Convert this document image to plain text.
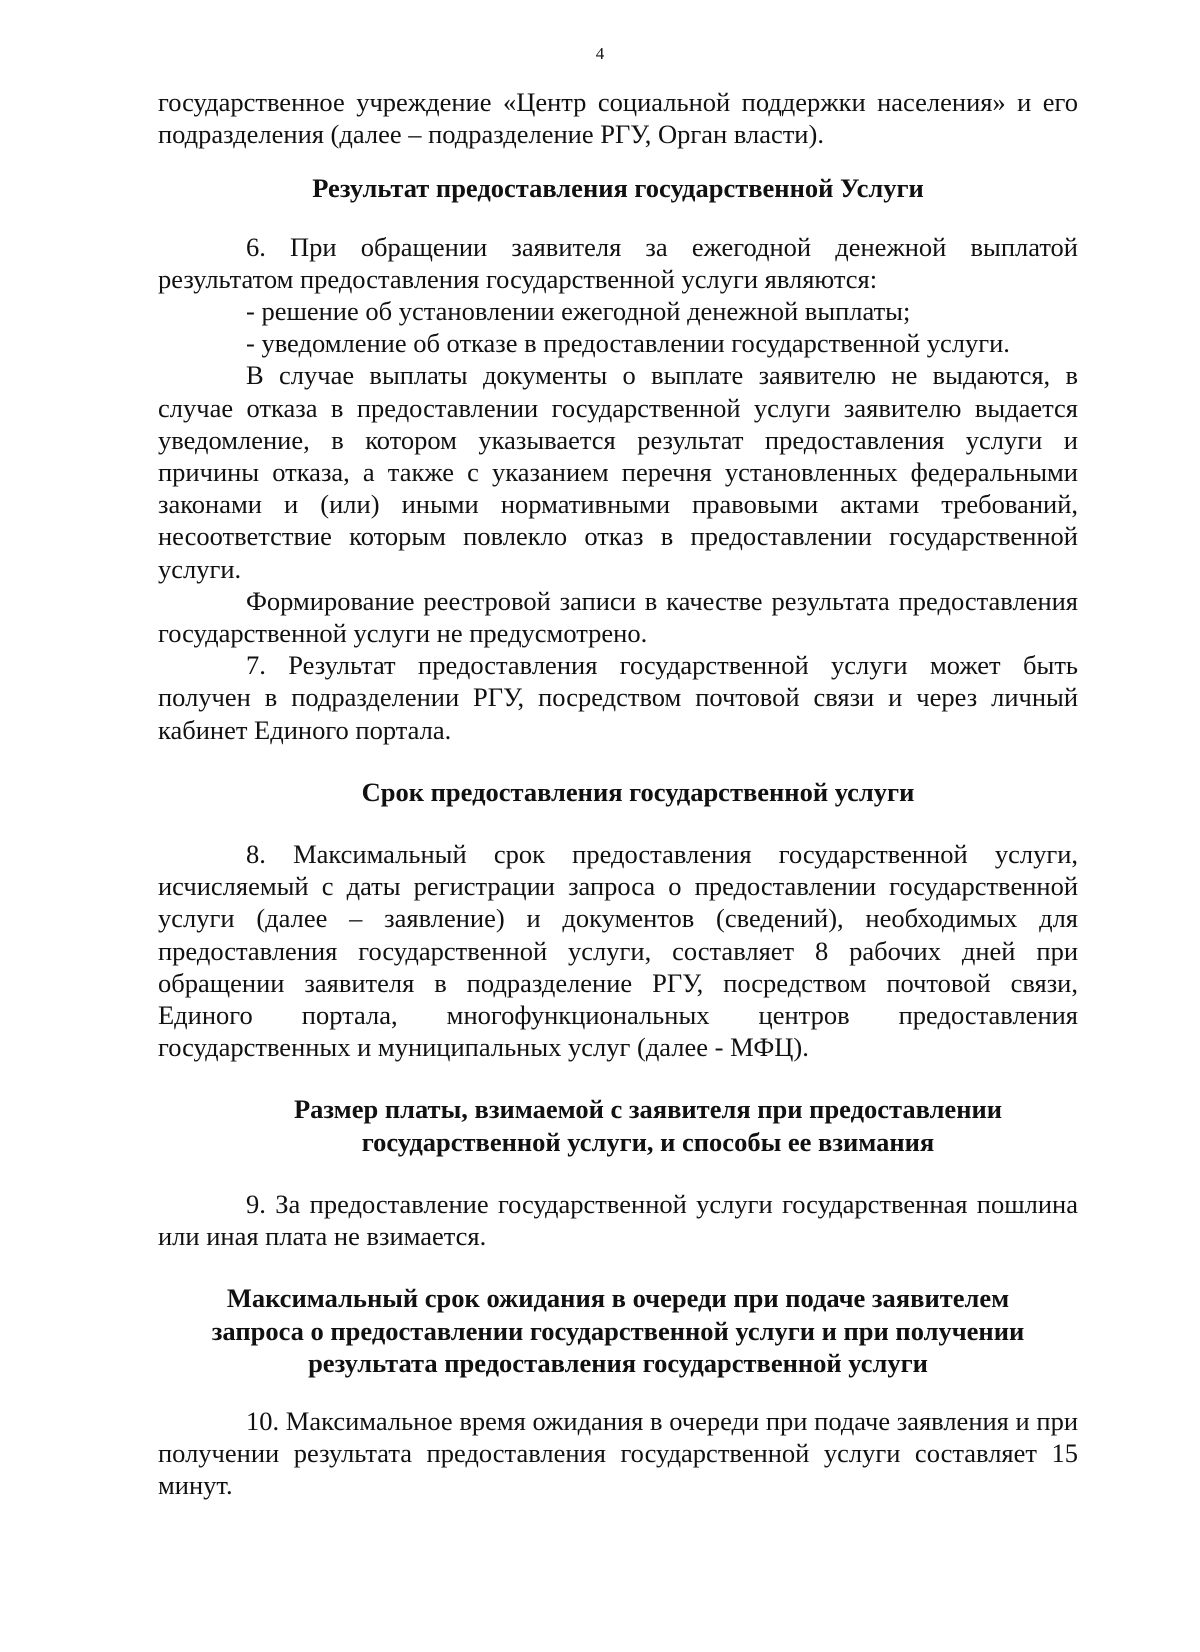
4

государственное учреждение «Центр социальной поддержки населения» и его подразделения (далее – подразделение РГУ, Орган власти).

Результат предоставления государственной Услуги

6. При обращении заявителя за ежегодной денежной выплатой результатом предоставления государственной услуги являются:

- решение об установлении ежегодной денежной выплаты;

- уведомление об отказе в предоставлении государственной услуги.

В случае выплаты документы о выплате заявителю не выдаются, в случае отказа в предоставлении государственной услуги заявителю выдается уведомление, в котором указывается результат предоставления услуги и причины отказа, а также с указанием перечня установленных федеральными законами и (или) иными нормативными правовыми актами требований, несоответствие которым повлекло отказ в предоставлении государственной услуги.

Формирование реестровой записи в качестве результата предоставления государственной услуги не предусмотрено.

7. Результат предоставления государственной услуги может быть получен в подразделении РГУ, посредством почтовой связи и через личный кабинет Единого портала.

Срок предоставления государственной услуги

8. Максимальный срок предоставления государственной услуги, исчисляемый с даты регистрации запроса о предоставлении государственной услуги (далее – заявление) и документов (сведений), необходимых для предоставления государственной услуги, составляет 8 рабочих дней при обращении заявителя в подразделение РГУ, посредством почтовой связи, Единого портала, многофункциональных центров предоставления государственных и муниципальных услуг (далее - МФЦ).

Размер платы, взимаемой с заявителя при предоставлении
государственной услуги, и способы ее взимания

9. За предоставление государственной услуги государственная пошлина или иная плата не взимается.

Максимальный срок ожидания в очереди при подаче заявителем
запроса о предоставлении государственной услуги и при получении
результата предоставления государственной услуги

10. Максимальное время ожидания в очереди при подаче заявления и при получении результата предоставления государственной услуги составляет 15 минут.
